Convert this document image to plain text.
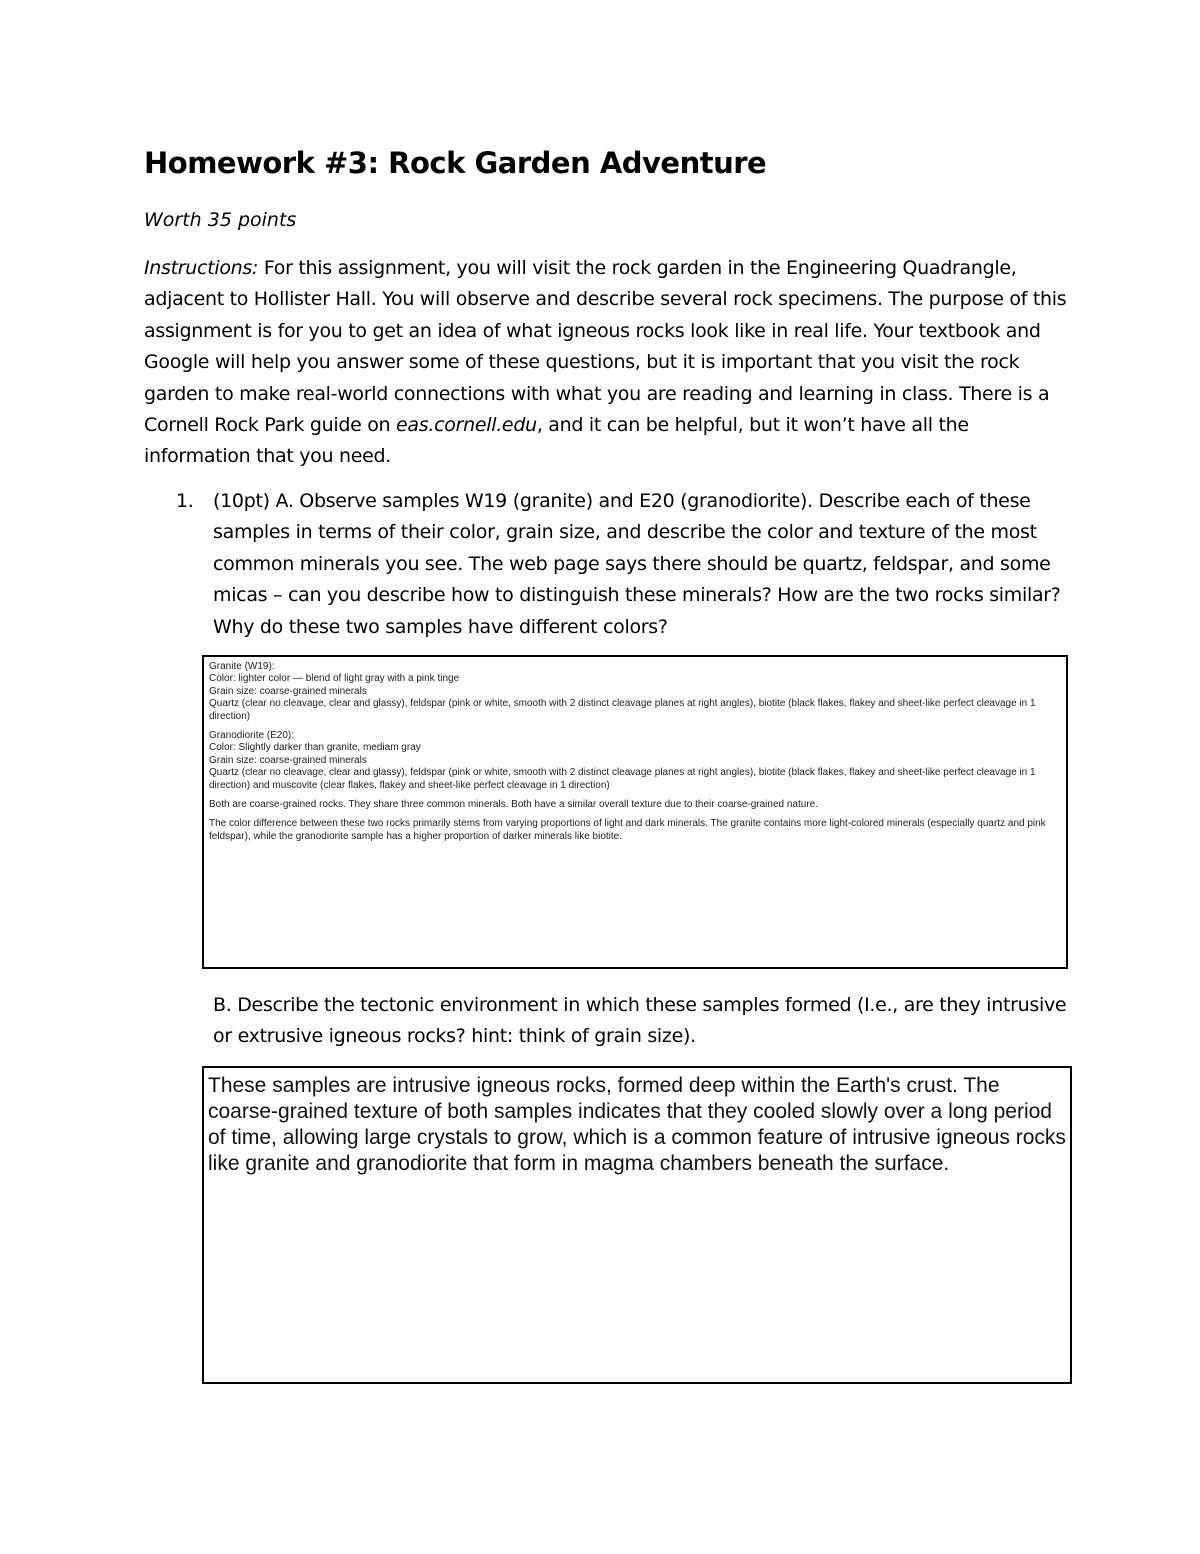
Homework #3: Rock Garden Adventure

Worth 35 points

Instructions: For this assignment, you will visit the rock garden in the Engineering Quadrangle, adjacent to Hollister Hall. You will observe and describe several rock specimens. The purpose of this assignment is for you to get an idea of what igneous rocks look like in real life. Your textbook and Google will help you answer some of these questions, but it is important that you visit the rock garden to make real-world connections with what you are reading and learning in class. There is a Cornell Rock Park guide on eas.cornell.edu, and it can be helpful, but it won’t have all the information that you need.

1. (10pt) A. Observe samples W19 (granite) and E20 (granodiorite). Describe each of these samples in terms of their color, grain size, and describe the color and texture of the most common minerals you see. The web page says there should be quartz, feldspar, and some micas – can you describe how to distinguish these minerals? How are the two rocks similar? Why do these two samples have different colors?

Granite (W19):

Color: lighter color — blend of light gray with a pink tinge

Grain size: coarse-grained minerals

Quartz (clear no cleavage, clear and glassy), feldspar (pink or white, smooth with 2 distinct cleavage planes at right angles), biotite (black flakes, flakey and sheet-like perfect cleavage in 1 direction)

Granodiorite (E20):

Color: Slightly darker than granite, mediam gray

Grain size: coarse-grained minerals

Quartz (clear no cleavage, clear and glassy), feldspar (pink or white, smooth with 2 distinct cleavage planes at right angles), biotite (black flakes, flakey and sheet-like perfect cleavage in 1 direction) and muscovite (clear flakes, flakey and sheet-like perfect cleavage in 1 direction)

Both are coarse-grained rocks. They share three common minerals. Both have a similar overall texture due to their coarse-grained nature.

The color difference between these two rocks primarily stems from varying proportions of light and dark minerals. The granite contains more light-colored minerals (especially quartz and pink feldspar), while the granodiorite sample has a higher proportion of darker minerals like biotite.

B. Describe the tectonic environment in which these samples formed (I.e., are they intrusive or extrusive igneous rocks? hint: think of grain size).
These samples are intrusive igneous rocks, formed deep within the Earth's crust. The coarse-grained texture of both samples indicates that they cooled slowly over a long period of time, allowing large crystals to grow, which is a common feature of intrusive igneous rocks like granite and granodiorite that form in magma chambers beneath the surface.
